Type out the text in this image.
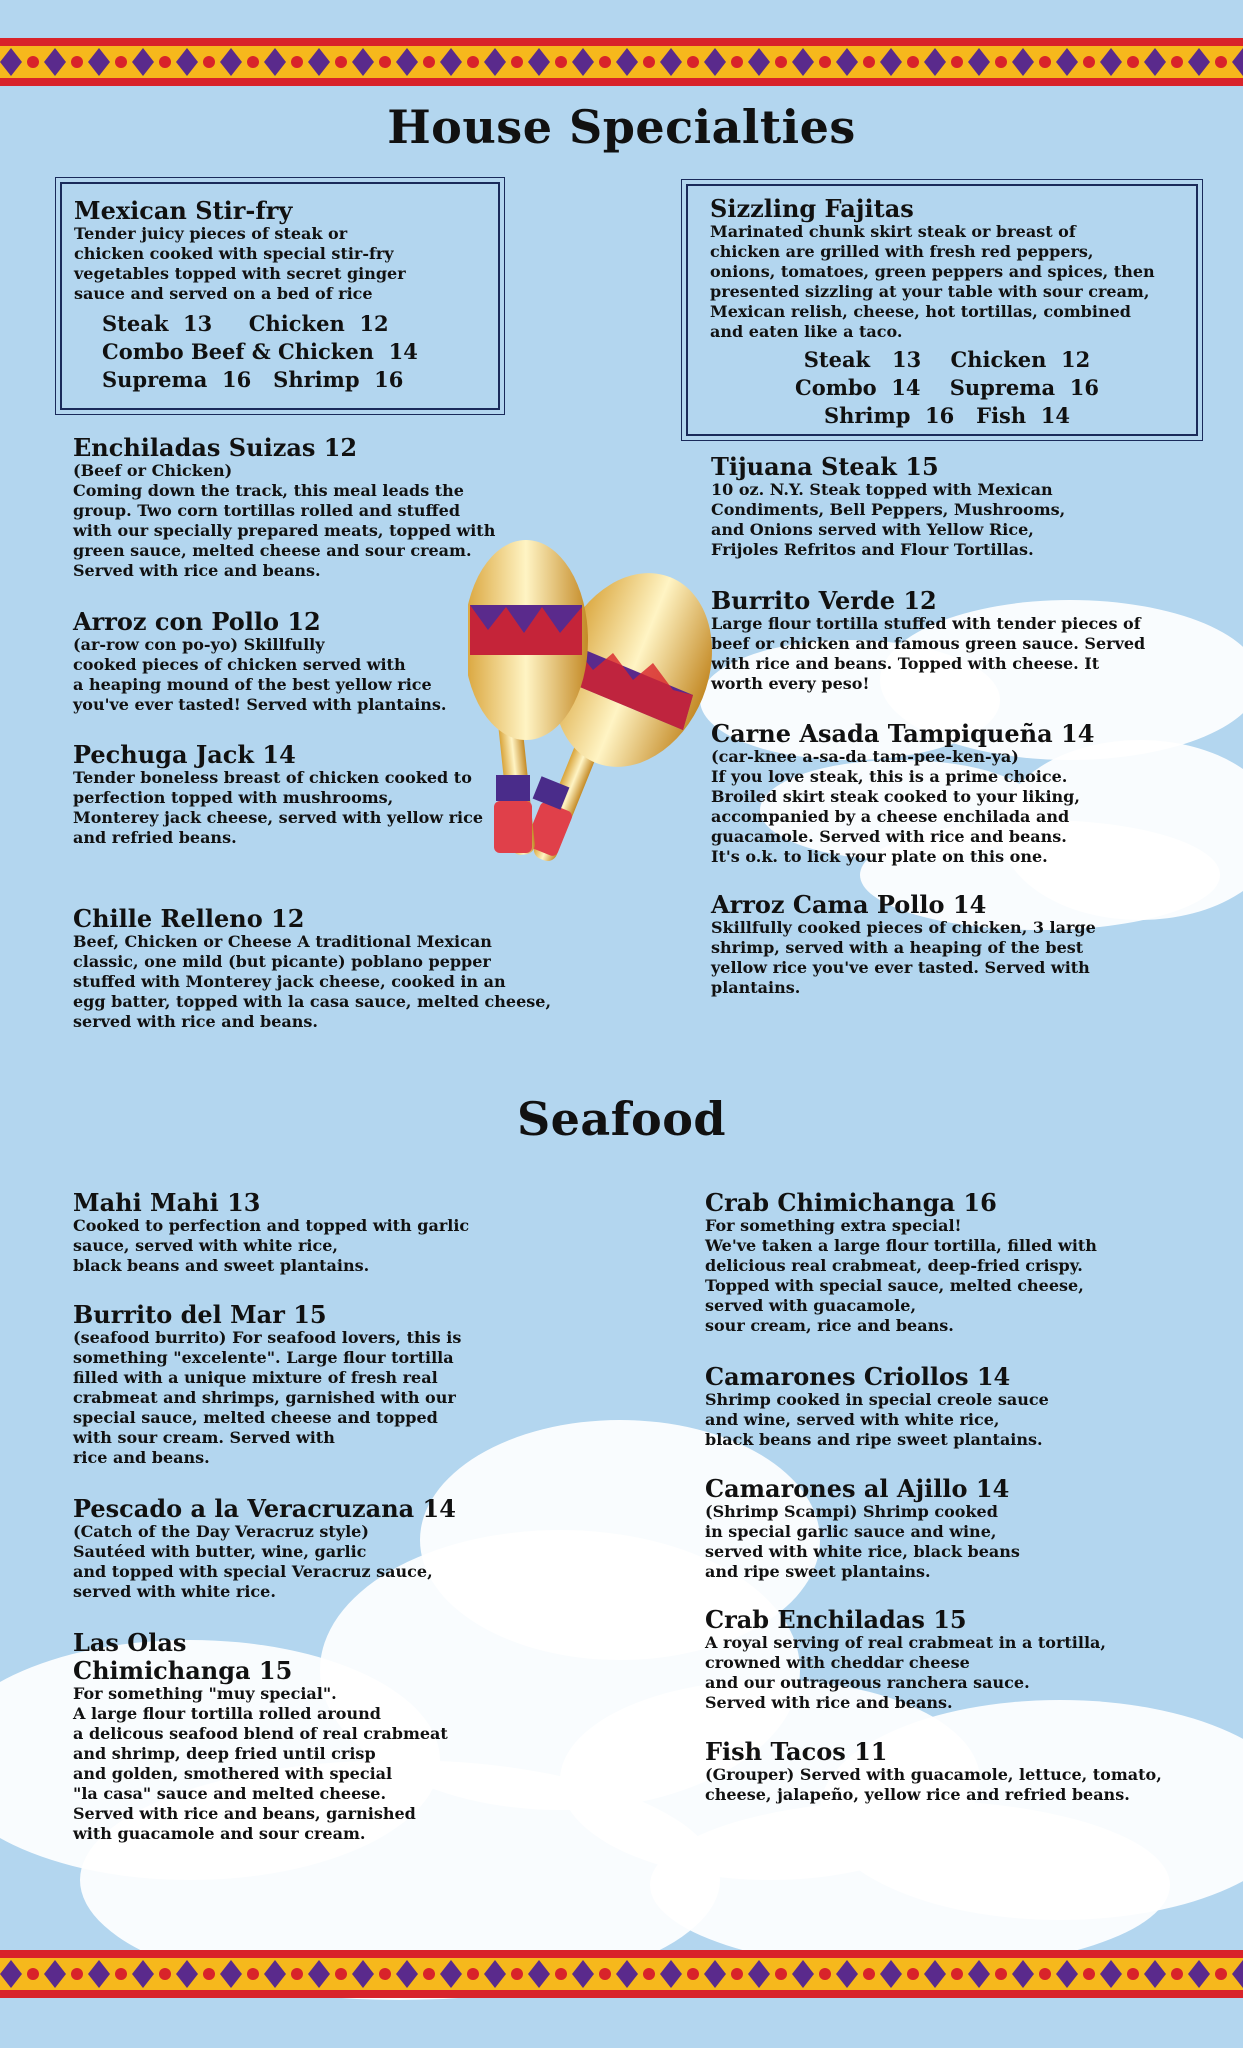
House Specialties
Mexican Stir-fry

Tender juicy pieces of steak or

chicken cooked with special stir-fry

vegetables topped with secret ginger

sauce and served on a bed of rice

Steak  13     Chicken  12
Combo Beef & Chicken  14
Suprema  16   Shrimp  16
Sizzling Fajitas

Marinated chunk skirt steak or breast of

chicken are grilled with fresh red peppers,

onions, tomatoes, green peppers and spices, then

presented sizzling at your table with sour cream,

Mexican relish, cheese, hot tortillas, combined

and eaten like a taco.

Steak   13    Chicken  12
Combo  14    Suprema  16
Shrimp  16   Fish  14
Enchiladas Suizas 12

(Beef or Chicken)

Coming down the track, this meal leads the

group. Two corn tortillas rolled and stuffed

with our specially prepared meats, topped with

green sauce, melted cheese and sour cream.

Served with rice and beans.

Arroz con Pollo 12

(ar-row con po-yo) Skillfully

cooked pieces of chicken served with

a heaping mound of the best yellow rice

you've ever tasted! Served with plantains.

Pechuga Jack 14

Tender boneless breast of chicken cooked to

perfection topped with mushrooms,

Monterey jack cheese, served with yellow rice

and refried beans.

Chille Relleno 12

Beef, Chicken or Cheese A traditional Mexican

classic, one mild (but picante) poblano pepper

stuffed with Monterey jack cheese, cooked in an

egg batter, topped with la casa sauce, melted cheese,

served with rice and beans.

Tijuana Steak 15

10 oz. N.Y. Steak topped with Mexican

Condiments, Bell Peppers, Mushrooms,

and Onions served with Yellow Rice,

Frijoles Refritos and Flour Tortillas.

Burrito Verde 12

Large flour tortilla stuffed with tender pieces of

beef or chicken and famous green sauce. Served

with rice and beans. Topped with cheese. It

worth every peso!

Carne Asada Tampiqueña 14

(car-knee a-sa-da tam-pee-ken-ya)

If you love steak, this is a prime choice.

Broiled skirt steak cooked to your liking,

accompanied by a cheese enchilada and

guacamole. Served with rice and beans.

It's o.k. to lick your plate on this one.

Arroz Cama Pollo 14

Skillfully cooked pieces of chicken, 3 large

shrimp, served with a heaping of the best

yellow rice you've ever tasted. Served with

plantains.

Seafood
Mahi Mahi 13

Cooked to perfection and topped with garlic

sauce, served with white rice,

black beans and sweet plantains.

Burrito del Mar 15

(seafood burrito) For seafood lovers, this is

something "excelente". Large flour tortilla

filled with a unique mixture of fresh real

crabmeat and shrimps, garnished with our

special sauce, melted cheese and topped

with sour cream. Served with

rice and beans.

Pescado a la Veracruzana 14

(Catch of the Day Veracruz style)

Sautéed with butter, wine, garlic

and topped with special Veracruz sauce,

served with white rice.

Las Olas
Chimichanga 15

For something "muy special".

A large flour tortilla rolled around

a delicous seafood blend of real crabmeat

and shrimp, deep fried until crisp

and golden, smothered with special

"la casa" sauce and melted cheese.

Served with rice and beans, garnished

with guacamole and sour cream.

Crab Chimichanga 16

For something extra special!

We've taken a large flour tortilla, filled with

delicious real crabmeat, deep-fried crispy.

Topped with special sauce, melted cheese,

served with guacamole,

sour cream, rice and beans.

Camarones Criollos 14

Shrimp cooked in special creole sauce

and wine, served with white rice,

black beans and ripe sweet plantains.

Camarones al Ajillo 14

(Shrimp Scampi) Shrimp cooked

in special garlic sauce and wine,

served with white rice, black beans

and ripe sweet plantains.

Crab Enchiladas 15

A royal serving of real crabmeat in a tortilla,

crowned with cheddar cheese

and our outrageous ranchera sauce.

Served with rice and beans.

Fish Tacos 11

(Grouper) Served with guacamole, lettuce, tomato,

cheese, jalapeño, yellow rice and refried beans.
